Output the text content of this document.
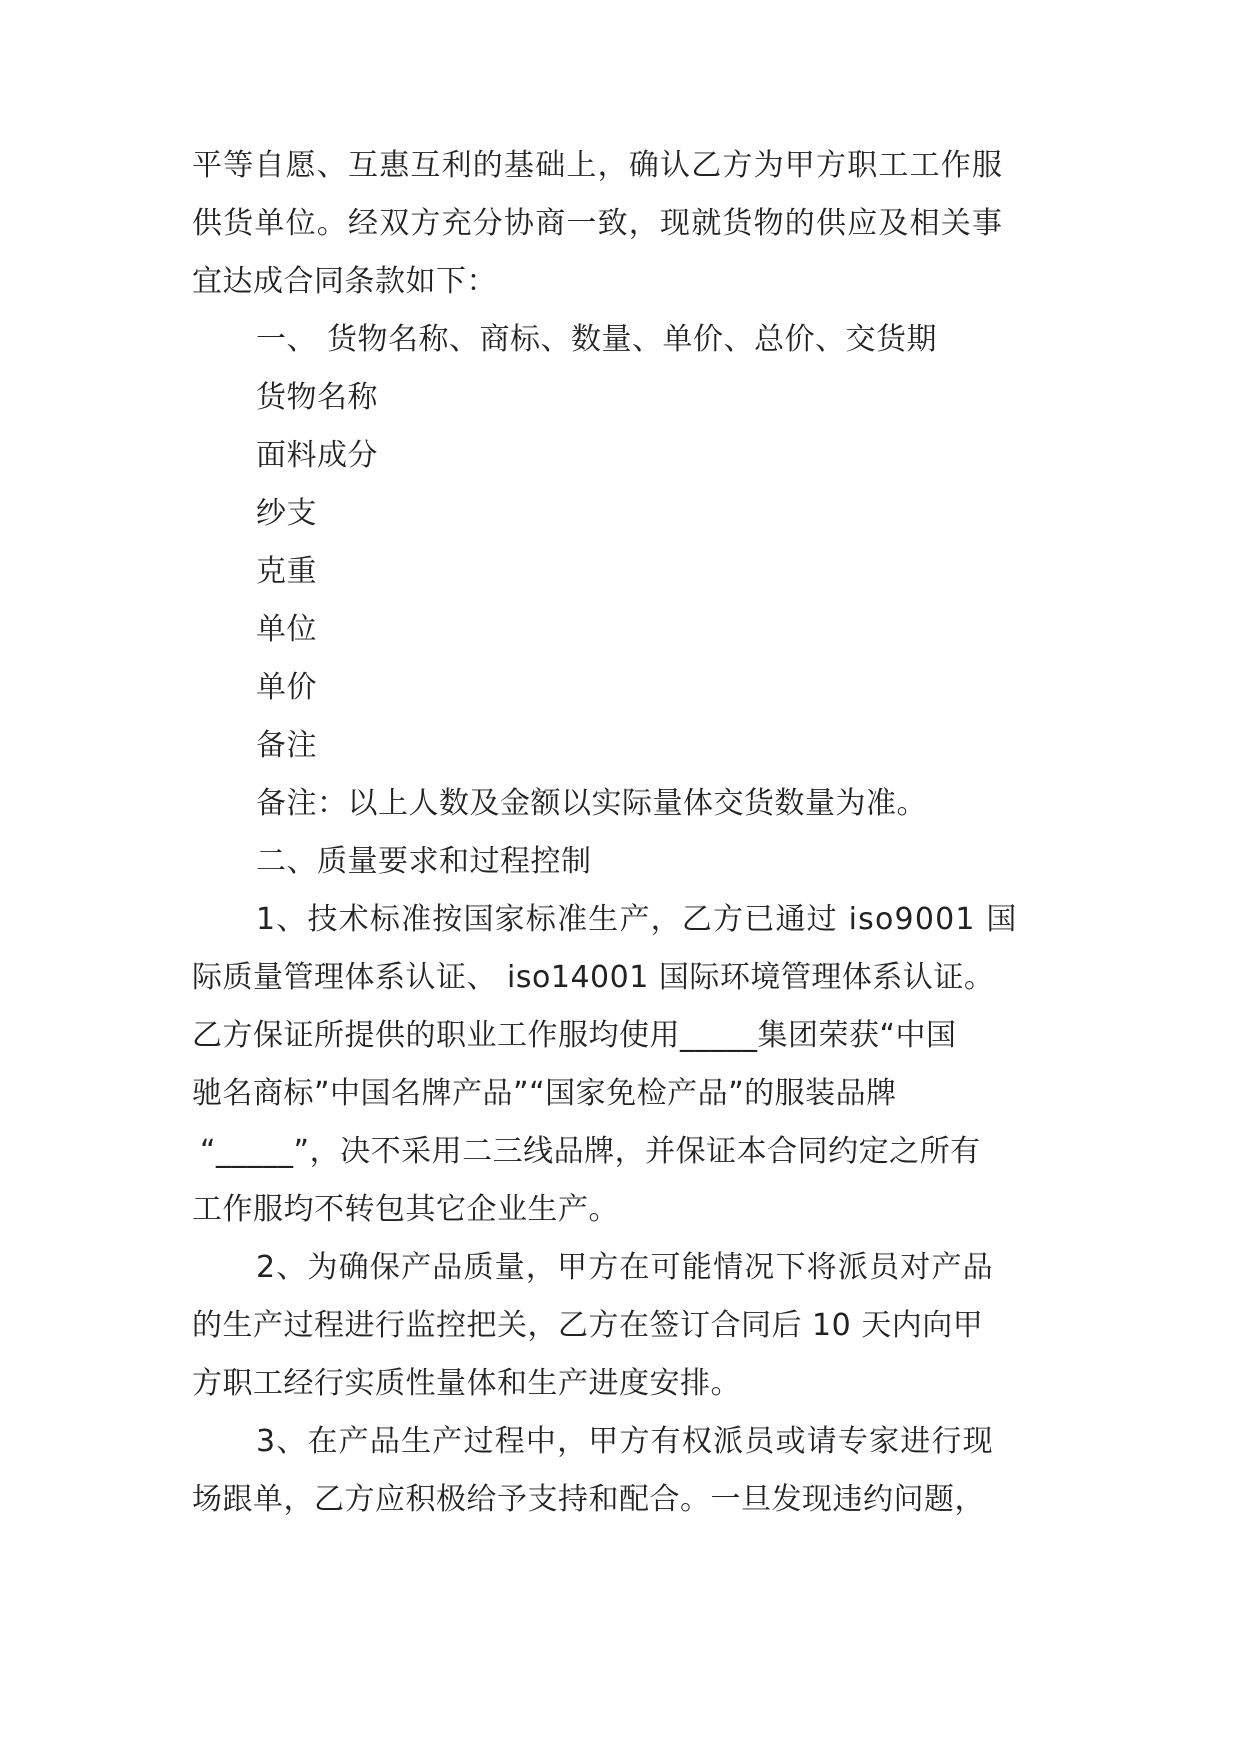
平等自愿、互惠互利的基础上，确认乙方为甲方职工工作服

供货单位。经双方充分协商一致，现就货物的供应及相关事

宜达成合同条款如下：

一、 货物名称、商标、数量、单价、总价、交货期

货物名称

面料成分

纱支

克重

单位

单价

备注

备注：以上人数及金额以实际量体交货数量为准。

二、质量要求和过程控制

1、技术标准按国家标准生产，乙方已通过 iso9001 国

际质量管理体系认证、 iso14001 国际环境管理体系认证。

乙方保证所提供的职业工作服均使用_____集团荣获“中国

驰名商标”中国名牌产品”“国家免检产品”的服装品牌

“_____”，决不采用二三线品牌，并保证本合同约定之所有

工作服均不转包其它企业生产。

2、为确保产品质量，甲方在可能情况下将派员对产品

的生产过程进行监控把关，乙方在签订合同后 10 天内向甲

方职工经行实质性量体和生产进度安排。

3、在产品生产过程中，甲方有权派员或请专家进行现

场跟单，乙方应积极给予支持和配合。一旦发现违约问题，
